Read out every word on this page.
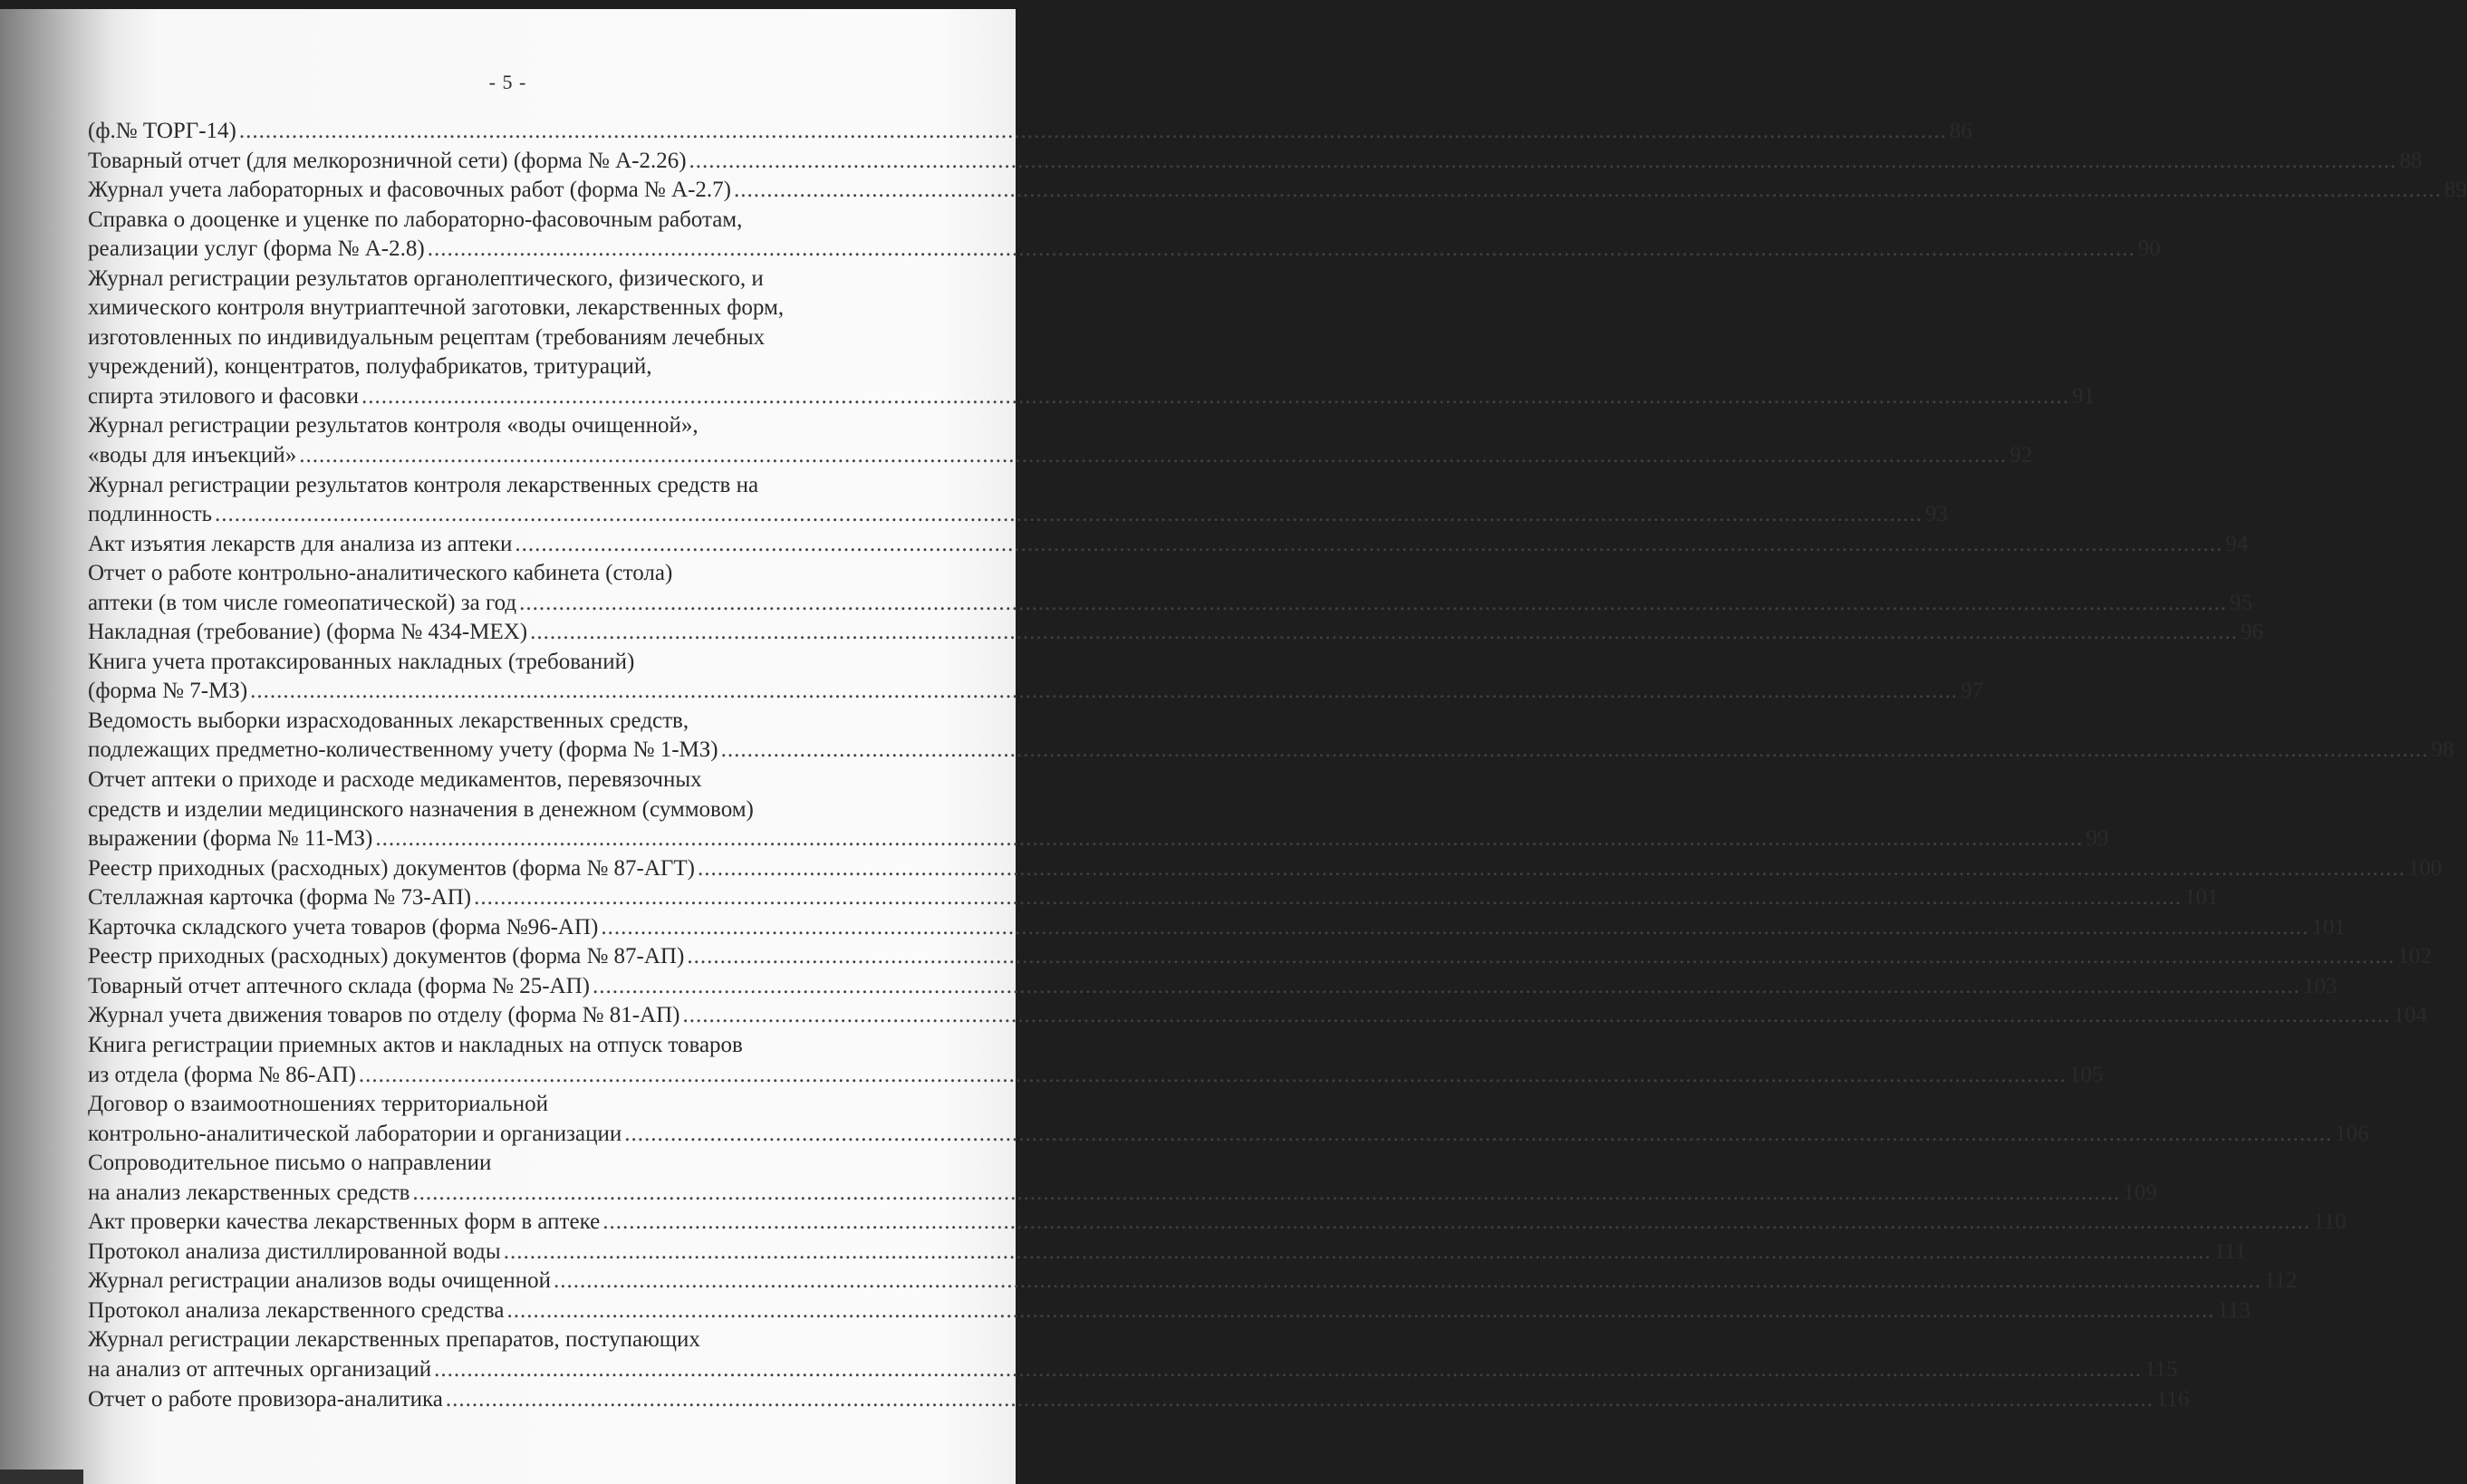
- 5 -
(ф.№ ТОРГ-14) .................................................................................................................................................................................................................................................................... 86
Товарный отчет (для мелкорозничной сети) (форма № А-2.26) .................................................................................................................................................................................................................................................................... 88
Журнал учета лабораторных и фасовочных работ (форма № А-2.7) .................................................................................................................................................................................................................................................................... 89
Справка о дооценке и уценке по лабораторно-фасовочным работам,
реализации услуг (форма № А-2.8) .................................................................................................................................................................................................................................................................... 90
Журнал регистрации результатов органолептического, физического, и
химического контроля внутриаптечной заготовки, лекарственных форм,
изготовленных по индивидуальным рецептам (требованиям лечебных
учреждений), концентратов, полуфабрикатов, тритураций,
спирта этилового и фасовки .................................................................................................................................................................................................................................................................... 91
Журнал регистрации результатов контроля «воды очищенной»,
«воды для инъекций» .................................................................................................................................................................................................................................................................... 92
Журнал регистрации результатов контроля лекарственных средств на
подлинность .................................................................................................................................................................................................................................................................... 93
Акт изъятия лекарств для анализа из аптеки .................................................................................................................................................................................................................................................................... 94
Отчет о работе контрольно-аналитического кабинета (стола)
аптеки (в том числе гомеопатической) за год .................................................................................................................................................................................................................................................................... 95
Накладная (требование) (форма № 434-МЕХ) .................................................................................................................................................................................................................................................................... 96
Книга учета протаксированных накладных (требований)
(форма № 7-МЗ) .................................................................................................................................................................................................................................................................... 97
Ведомость выборки израсходованных лекарственных средств,
подлежащих предметно-количественному учету (форма № 1-МЗ) .................................................................................................................................................................................................................................................................... 98
Отчет аптеки о приходе и расходе медикаментов, перевязочных
средств и изделии медицинского назначения в денежном (суммовом)
выражении (форма № 11-МЗ) .................................................................................................................................................................................................................................................................... 99
Реестр приходных (расходных) документов (форма № 87-АГТ) .................................................................................................................................................................................................................................................................... 100
Стеллажная карточка (форма № 73-АП) .................................................................................................................................................................................................................................................................... 101
Карточка складского учета товаров (форма №96-АП) .................................................................................................................................................................................................................................................................... 101
Реестр приходных (расходных) документов (форма № 87-АП) .................................................................................................................................................................................................................................................................... 102
Товарный отчет аптечного склада (форма № 25-АП) .................................................................................................................................................................................................................................................................... 103
Журнал учета движения товаров по отделу (форма № 81-АП) .................................................................................................................................................................................................................................................................... 104
Книга регистрации приемных актов и накладных на отпуск товаров
из отдела (форма № 86-АП) .................................................................................................................................................................................................................................................................... 105
Договор о взаимоотношениях территориальной
контрольно-аналитической лаборатории и организации .................................................................................................................................................................................................................................................................... 106
Сопроводительное письмо о направлении
на анализ лекарственных средств .................................................................................................................................................................................................................................................................... 109
Акт проверки качества лекарственных форм в аптеке .................................................................................................................................................................................................................................................................... 110
Протокол анализа дистиллированной воды .................................................................................................................................................................................................................................................................... 111
Журнал регистрации анализов воды очищенной .................................................................................................................................................................................................................................................................... 112
Протокол анализа лекарственного средства .................................................................................................................................................................................................................................................................... 113
Журнал регистрации лекарственных препаратов, поступающих
на анализ от аптечных организаций .................................................................................................................................................................................................................................................................... 115
Отчет о работе провизора-аналитика .................................................................................................................................................................................................................................................................... 116
